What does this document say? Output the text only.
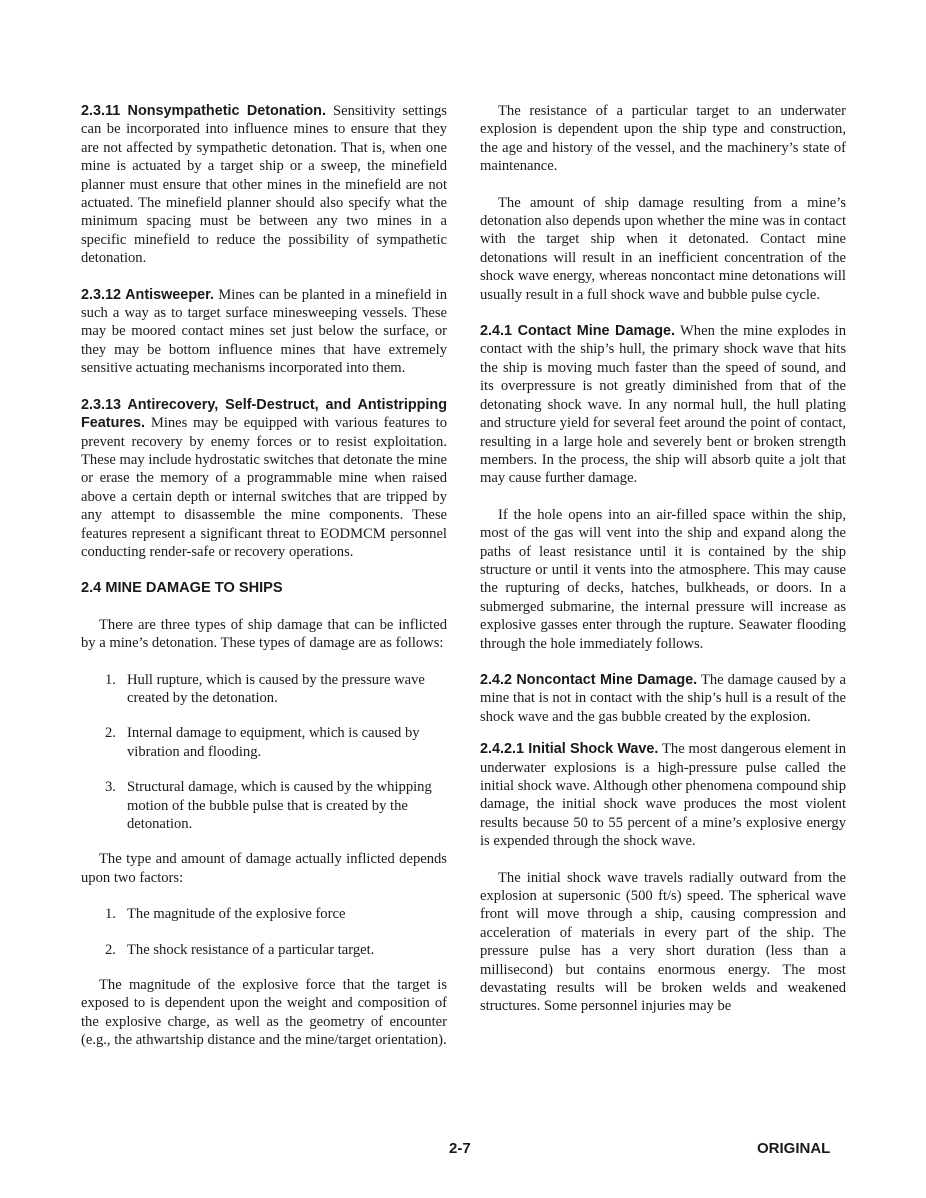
2.3.11 Nonsympathetic Detonation. Sensitivity settings can be incorporated into influence mines to ensure that they are not affected by sympathetic detonation. That is, when one mine is actuated by a target ship or a sweep, the minefield planner must ensure that other mines in the minefield are not actuated. The minefield planner should also specify what the minimum spacing must be between any two mines in a specific minefield to reduce the possibility of sympathetic detonation.

2.3.12 Antisweeper. Mines can be planted in a minefield in such a way as to target surface minesweeping vessels. These may be moored contact mines set just below the surface, or they may be bottom influence mines that have extremely sensitive actuating mechanisms incorporated into them.

2.3.13 Antirecovery, Self-Destruct, and Antistripping Features. Mines may be equipped with various features to prevent recovery by enemy forces or to resist exploitation. These may include hydrostatic switches that detonate the mine or erase the memory of a programmable mine when raised above a certain depth or internal switches that are tripped by any attempt to disassemble the mine components. These features represent a significant threat to EODMCM personnel conducting render-safe or recovery operations.

2.4 MINE DAMAGE TO SHIPS

There are three types of ship damage that can be inflicted by a mine’s detonation. These types of damage are as follows:

1. Hull rupture, which is caused by the pressure wave created by the detonation.
2. Internal damage to equipment, which is caused by vibration and flooding.
3. Structural damage, which is caused by the whipping motion of the bubble pulse that is created by the detonation.

The type and amount of damage actually inflicted depends upon two factors:

1. The magnitude of the explosive force
2. The shock resistance of a particular target.

The magnitude of the explosive force that the target is exposed to is dependent upon the weight and composition of the explosive charge, as well as the geometry of encounter (e.g., the athwartship distance and the mine/target orientation).

The resistance of a particular target to an underwater explosion is dependent upon the ship type and construction, the age and history of the vessel, and the machinery’s state of maintenance.

The amount of ship damage resulting from a mine’s detonation also depends upon whether the mine was in contact with the target ship when it detonated. Contact mine detonations will result in an inefficient concentration of the shock wave energy, whereas noncontact mine detonations will usually result in a full shock wave and bubble pulse cycle.

2.4.1 Contact Mine Damage. When the mine explodes in contact with the ship’s hull, the primary shock wave that hits the ship is moving much faster than the speed of sound, and its overpressure is not greatly diminished from that of the detonating shock wave. In any normal hull, the hull plating and structure yield for several feet around the point of contact, resulting in a large hole and severely bent or broken strength members. In the process, the ship will absorb quite a jolt that may cause further damage.

If the hole opens into an air-filled space within the ship, most of the gas will vent into the ship and expand along the paths of least resistance until it is contained by the ship structure or until it vents into the atmosphere. This may cause the rupturing of decks, hatches, bulkheads, or doors. In a submerged submarine, the internal pressure will increase as explosive gasses enter through the rupture. Seawater flooding through the hole immediately follows.

2.4.2 Noncontact Mine Damage. The damage caused by a mine that is not in contact with the ship’s hull is a result of the shock wave and the gas bubble created by the explosion.

2.4.2.1 Initial Shock Wave. The most dangerous element in underwater explosions is a high-pressure pulse called the initial shock wave. Although other phenomena compound ship damage, the initial shock wave produces the most violent results because 50 to 55 percent of a mine’s explosive energy is expended through the shock wave.

The initial shock wave travels radially outward from the explosion at supersonic (500 ft/s) speed. The spherical wave front will move through a ship, causing compression and acceleration of materials in every part of the ship. The pressure pulse has a very short duration (less than a millisecond) but contains enormous energy. The most devastating results will be broken welds and weakened structures. Some personnel injuries may be

2-7	ORIGINAL
